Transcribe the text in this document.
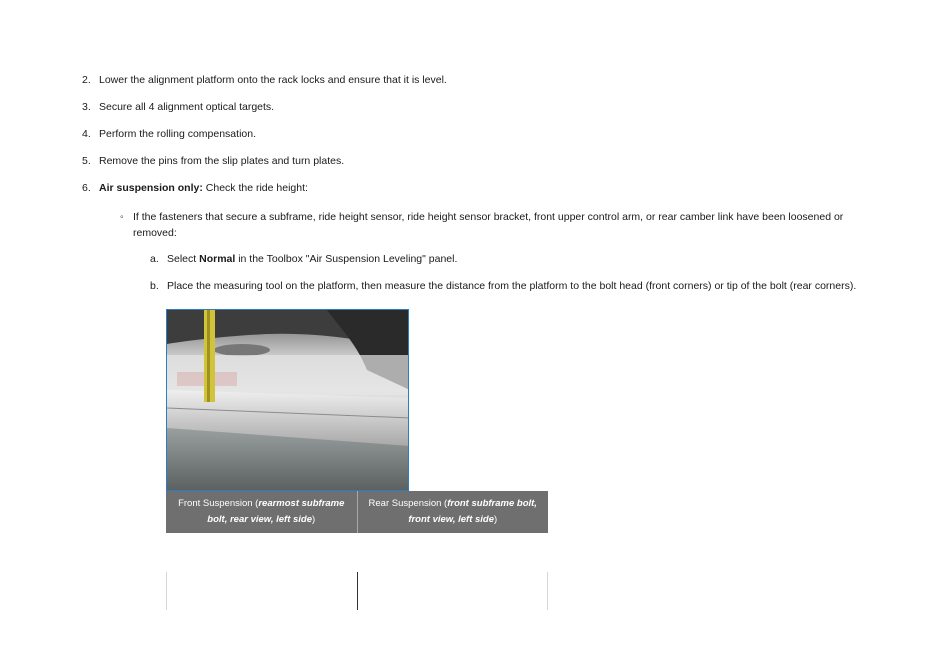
2. Lower the alignment platform onto the rack locks and ensure that it is level.
3. Secure all 4 alignment optical targets.
4. Perform the rolling compensation.
5. Remove the pins from the slip plates and turn plates.
6. Air suspension only: Check the ride height:
◦ If the fasteners that secure a subframe, ride height sensor, ride height sensor bracket, front upper control arm, or rear camber link have been loosened or removed:
a. Select Normal in the Toolbox "Air Suspension Leveling" panel.
b. Place the measuring tool on the platform, then measure the distance from the platform to the bolt head (front corners) or tip of the bolt (rear corners).
Front Suspension (rearmost subframe bolt, rear view, left side)	Rear Suspension (front subframe bolt, front view, left side)
